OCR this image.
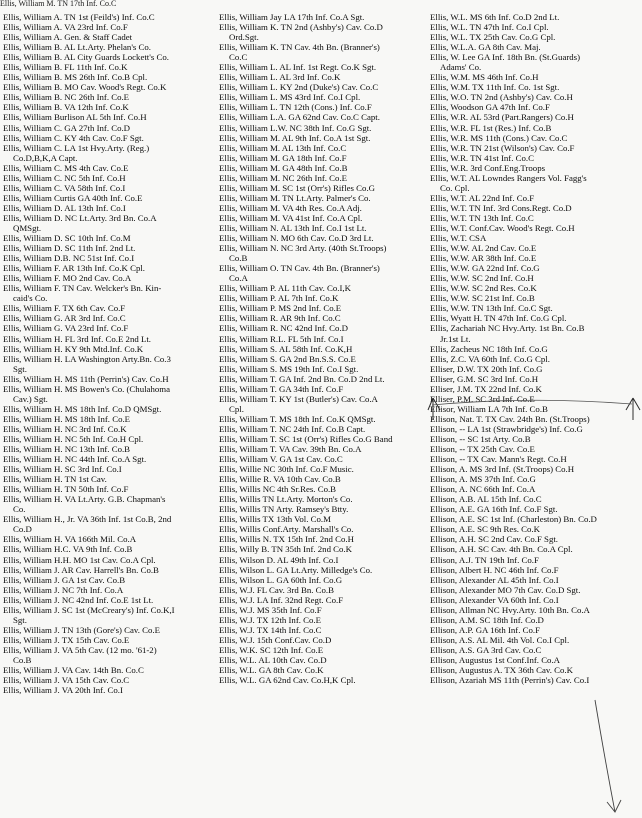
Ellis, William M. TN 17th Inf. Co.C
Ellis, William A. TN 1st (Feild's) Inf. Co.C
Ellis, William A. VA 23rd Inf. Co.F
Ellis, William A. Gen. & Staff Cadet
Ellis, William B. AL Lt.Arty. Phelan's Co.
Ellis, William B. AL City Guards Lockett's Co.
Ellis, William B. FL 11th Inf. Co.K
Ellis, William B. MS 26th Inf. Co.B Cpl.
Ellis, William B. MO Cav. Wood's Regt. Co.K
Ellis, William B. NC 26th Inf. Co.E
Ellis, William B. VA 12th Inf. Co.K
Ellis, William Burlison AL 5th Inf. Co.H
Ellis, William C. GA 27th Inf. Co.D
Ellis, William C. KY 4th Cav. Co.F Sgt.
Ellis, William C. LA 1st Hvy.Arty. (Reg.)
Co.D,B,K,A Capt.
Ellis, William C. MS 4th Cav. Co.E
Ellis, William C. NC 5th Inf. Co.H
Ellis, William C. VA 58th Inf. Co.I
Ellis, William Curtis GA 40th Inf. Co.E
Ellis, William D. AL 13th Inf. Co.I
Ellis, William D. NC Lt.Arty. 3rd Bn. Co.A
QMSgt.
Ellis, William D. SC 10th Inf. Co.M
Ellis, William D. SC 11th Inf. 2nd Lt.
Ellis, William D.B. NC 51st Inf. Co.I
Ellis, William F. AR 13th Inf. Co.K Cpl.
Ellis, William F. MO 2nd Cav. Co.A
Ellis, William F. TN Cav. Welcker's Bn. Kin-
caid's Co.
Ellis, William F. TX 6th Cav. Co.F
Ellis, William G. AR 3rd Inf. Co.C
Ellis, William G. VA 23rd Inf. Co.F
Ellis, William H. FL 3rd Inf. Co.E 2nd Lt.
Ellis, William H. KY 9th Mtd.Inf. Co.K
Ellis, William H. LA Washington Arty.Bn. Co.3
Sgt.
Ellis, William H. MS 11th (Perrin's) Cav. Co.H
Ellis, William H. MS Bowen's Co. (Chulahoma
Cav.) Sgt.
Ellis, William H. MS 18th Inf. Co.D QMSgt.
Ellis, William H. MS 18th Inf. Co.E
Ellis, William H. NC 3rd Inf. Co.K
Ellis, William H. NC 5th Inf. Co.H Cpl.
Ellis, William H. NC 13th Inf. Co.B
Ellis, William H. NC 44th Inf. Co.A Sgt.
Ellis, William H. SC 3rd Inf. Co.I
Ellis, William H. TN 1st Cav.
Ellis, William H. TN 50th Inf. Co.F
Ellis, William H. VA Lt.Arty. G.B. Chapman's
Co.
Ellis, William H., Jr. VA 36th Inf. 1st Co.B, 2nd
Co.D
Ellis, William H. VA 166th Mil. Co.A
Ellis, William H.C. VA 9th Inf. Co.B
Ellis, William H.H. MO 1st Cav. Co.A Cpl.
Ellis, William J. AR Cav. Harrell's Bn. Co.B
Ellis, William J. GA 1st Cav. Co.B
Ellis, William J. NC 7th Inf. Co.A
Ellis, William J. NC 42nd Inf. Co.E 1st Lt.
Ellis, William J. SC 1st (McCreary's) Inf. Co.K,I
Sgt.
Ellis, William J. TN 13th (Gore's) Cav. Co.E
Ellis, William J. TX 15th Cav. Co.E
Ellis, William J. VA 5th Cav. (12 mo. '61-2)
Co.B
Ellis, William J. VA Cav. 14th Bn. Co.C
Ellis, William J. VA 15th Cav. Co.C
Ellis, William J. VA 20th Inf. Co.I
Ellis, William Jay LA 17th Inf. Co.A Sgt.
Ellis, William K. TN 2nd (Ashby's) Cav. Co.D
Ord.Sgt.
Ellis, William K. TN Cav. 4th Bn. (Branner's)
Co.C
Ellis, William L. AL Inf. 1st Regt. Co.K Sgt.
Ellis, William L. AL 3rd Inf. Co.K
Ellis, William L. KY 2nd (Duke's) Cav. Co.C
Ellis, William L. MS 43rd Inf. Co.I Cpl.
Ellis, William L. TN 12th (Cons.) Inf. Co.F
Ellis, William L.A. GA 62nd Cav. Co.C Capt.
Ellis, William L.W. NC 38th Inf. Co.G Sgt.
Ellis, William M. AL 9th Inf. Co.A 1st Sgt.
Ellis, William M. AL 13th Inf. Co.C
Ellis, William M. GA 18th Inf. Co.F
Ellis, William M. GA 48th Inf. Co.B
Ellis, William M. NC 26th Inf. Co.E
Ellis, William M. SC 1st (Orr's) Rifles Co.G
Ellis, William M. TN Lt.Arty. Palmer's Co.
Ellis, William M. VA 4th Res. Co.A Adj.
Ellis, William M. VA 41st Inf. Co.A Cpl.
Ellis, William N. AL 13th Inf. Co.I 1st Lt.
Ellis, William N. MO 6th Cav. Co.D 3rd Lt.
Ellis, William N. NC 3rd Arty. (40th St.Troops)
Co.B
Ellis, William O. TN Cav. 4th Bn. (Branner's)
Co.A
Ellis, William P. AL 11th Cav. Co.I,K
Ellis, William P. AL 7th Inf. Co.K
Ellis, William P. MS 2nd Inf. Co.E
Ellis, William R. AR 9th Inf. Co.C
Ellis, William R. NC 42nd Inf. Co.D
Ellis, William R.L. FL 5th Inf. Co.I
Ellis, William S. AL 58th Inf. Co.K,H
Ellis, William S. GA 2nd Bn.S.S. Co.E
Ellis, William S. MS 19th Inf. Co.I Sgt.
Ellis, William T. GA Inf. 2nd Bn. Co.D 2nd Lt.
Ellis, William T. GA 34th Inf. Co.F
Ellis, William T. KY 1st (Butler's) Cav. Co.A
Cpl.
Ellis, William T. MS 18th Inf. Co.K QMSgt.
Ellis, William T. NC 24th Inf. Co.B Capt.
Ellis, William T. SC 1st (Orr's) Rifles Co.G Band
Ellis, William T. VA Cav. 39th Bn. Co.A
Ellis, William V. GA 1st Cav. Co.C
Ellis, Willie NC 30th Inf. Co.F Music.
Ellis, Willie R. VA 10th Cav. Co.B
Ellis, Willis NC 4th Sr.Res. Co.B
Ellis, Willis TN Lt.Arty. Morton's Co.
Ellis, Willis TN Arty. Ramsey's Btty.
Ellis, Willis TX 13th Vol. Co.M
Ellis, Willis Conf.Arty. Marshall's Co.
Ellis, Willis N. TX 15th Inf. 2nd Co.H
Ellis, Willy B. TN 35th Inf. 2nd Co.K
Ellis, Wilson D. AL 49th Inf. Co.I
Ellis, Wilson L. GA Lt.Arty. Milledge's Co.
Ellis, Wilson L. GA 60th Inf. Co.G
Ellis, W.J. FL Cav. 3rd Bn. Co.B
Ellis, W.J. LA Inf. 32nd Regt. Co.F
Ellis, W.J. MS 35th Inf. Co.F
Ellis, W.J. TX 12th Inf. Co.E
Ellis, W.J. TX 14th Inf. Co.C
Ellis, W.J. 15th Conf.Cav. Co.D
Ellis, W.K. SC 12th Inf. Co.E
Ellis, W.L. AL 10th Cav. Co.D
Ellis, W.L. GA 8th Cav. Co.K
Ellis, W.L. GA 62nd Cav. Co.H,K Cpl.
Ellis, W.L. MS 6th Inf. Co.D 2nd Lt.
Ellis, W.L. TN 47th Inf. Co.I Cpl.
Ellis, W.L. TX 25th Cav. Co.G Cpl.
Ellis, W.L.A. GA 8th Cav. Maj.
Ellis, W. Lee GA Inf. 18th Bn. (St.Guards)
Adams' Co.
Ellis, W.M. MS 46th Inf. Co.H
Ellis, W.M. TX 11th Inf. Co. 1st Sgt.
Ellis, W.O. TN 2nd (Ashby's) Cav. Co.H
Ellis, Woodson GA 47th Inf. Co.F
Ellis, W.R. AL 53rd (Part.Rangers) Co.H
Ellis, W.R. FL 1st (Res.) Inf. Co.B
Ellis, W.R. MS 11th (Cons.) Cav. Co.C
Ellis, W.R. TN 21st (Wilson's) Cav. Co.F
Ellis, W.R. TN 41st Inf. Co.C
Ellis, W.R. 3rd Conf.Eng.Troops
Ellis, W.T. AL Lowndes Rangers Vol. Fagg's
Co. Cpl.
Ellis, W.T. AL 22nd Inf. Co.F
Ellis, W.T. TN Inf. 3rd Cons.Regt. Co.D
Ellis, W.T. TN 13th Inf. Co.C
Ellis, W.T. Conf.Cav. Wood's Regt. Co.H
Ellis, W.T. CSA
Ellis, W.W. AL 2nd Cav. Co.E
Ellis, W.W. AR 38th Inf. Co.E
Ellis, W.W. GA 22nd Inf. Co.G
Ellis, W.W. SC 2nd Inf. Co.H
Ellis, W.W. SC 2nd Res. Co.K
Ellis, W.W. SC 21st Inf. Co.B
Ellis, W.W. TN 13th Inf. Co.C Sgt.
Ellis, Wyatt H. TN 47th Inf. Co.G Cpl.
Ellis, Zachariah NC Hvy.Arty. 1st Bn. Co.B
Jr.1st Lt.
Ellis, Zacheus NC 18th Inf. Co.G
Ellis, Z.C. VA 60th Inf. Co.G Cpl.
Elliser, D.W. TX 20th Inf. Co.G
Elliser, G.M. SC 3rd Inf. Co.H
Elliser, J.M. TX 22nd Inf. Co.K
Elliser, P.M. SC 3rd Inf. Co.E
Ellisor, William LA 7th Inf. Co.B
Ellison, Nat. T. TX Cav. 24th Bn. (St.Troops)
Ellison, -- LA 1st (Strawbridge's) Inf. Co.G
Ellison, -- SC 1st Arty. Co.B
Ellison, -- TX 25th Cav. Co.E
Ellison, -- TX Cav. Mann's Regt. Co.H
Ellison, A. MS 3rd Inf. (St.Troops) Co.H
Ellison, A. MS 37th Inf. Co.G
Ellison, A. NC 66th Inf. Co.A
Ellison, A.B. AL 15th Inf. Co.C
Ellison, A.E. GA 16th Inf. Co.F Sgt.
Ellison, A.E. SC 1st Inf. (Charleston) Bn. Co.D
Ellison, A.E. SC 9th Res. Co.K
Ellison, A.H. SC 2nd Cav. Co.F Sgt.
Ellison, A.H. SC Cav. 4th Bn. Co.A Cpl.
Ellison, A.J. TN 19th Inf. Co.F
Ellison, Albert H. NC 46th Inf. Co.F
Ellison, Alexander AL 45th Inf. Co.I
Ellison, Alexander MO 7th Cav. Co.D Sgt.
Ellison, Alexander VA 60th Inf. Co.I
Ellison, Allman NC Hvy.Arty. 10th Bn. Co.A
Ellison, A.M. SC 18th Inf. Co.D
Ellison, A.P. GA 16th Inf. Co.F
Ellison, A.S. AL Mil. 4th Vol. Co.I Cpl.
Ellison, A.S. GA 3rd Cav. Co.C
Ellison, Augustus 1st Conf.Inf. Co.A
Ellison, Augustus A. TX 36th Cav. Co.K
Ellison, Azariah MS 11th (Perrin's) Cav. Co.I
